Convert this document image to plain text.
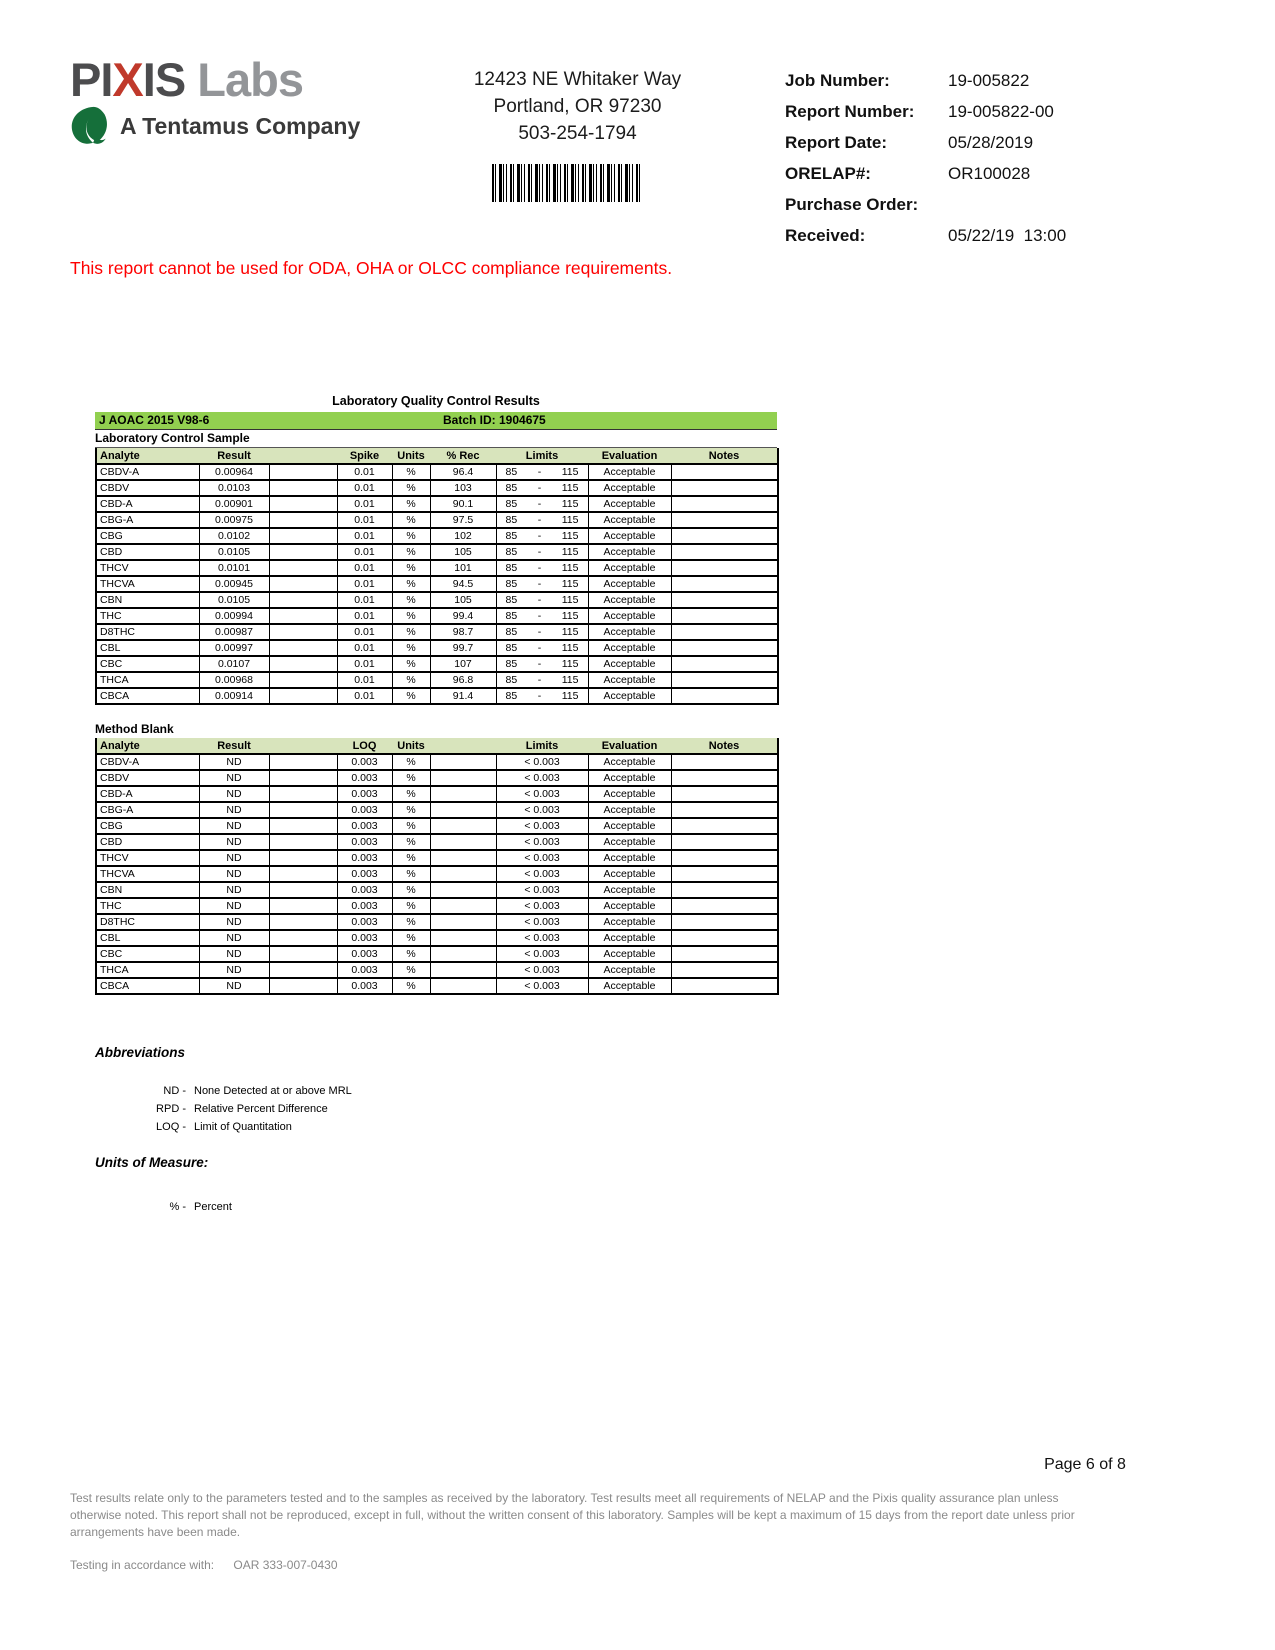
PIXIS Labs
A Tentamus Company
12423 NE Whitaker Way
Portland, OR 97230
503-254-1794
Job Number:	19-005822
Report Number:	19-005822-00
Report Date:	05/28/2019
ORELAP#:	OR100028
Purchase Order:
Received:	05/22/19  13:00
This report cannot be used for ODA, OHA or OLCC compliance requirements.
Laboratory Quality Control Results
J AOAC 2015 V98-6	Batch ID: 1904675
Laboratory Control Sample
Analyte	Result		Spike	Units	% Rec	Limits	Evaluation	Notes
CBDV-A	0.00964		0.01	%	96.4	85 - 115	Acceptable	
CBDV	0.0103		0.01	%	103	85 - 115	Acceptable	
CBD-A	0.00901		0.01	%	90.1	85 - 115	Acceptable	
CBG-A	0.00975		0.01	%	97.5	85 - 115	Acceptable	
CBG	0.0102		0.01	%	102	85 - 115	Acceptable	
CBD	0.0105		0.01	%	105	85 - 115	Acceptable	
THCV	0.0101		0.01	%	101	85 - 115	Acceptable	
THCVA	0.00945		0.01	%	94.5	85 - 115	Acceptable	
CBN	0.0105		0.01	%	105	85 - 115	Acceptable	
THC	0.00994		0.01	%	99.4	85 - 115	Acceptable	
D8THC	0.00987		0.01	%	98.7	85 - 115	Acceptable	
CBL	0.00997		0.01	%	99.7	85 - 115	Acceptable	
CBC	0.0107		0.01	%	107	85 - 115	Acceptable	
THCA	0.00968		0.01	%	96.8	85 - 115	Acceptable	
CBCA	0.00914		0.01	%	91.4	85 - 115	Acceptable	
Method Blank
Analyte	Result		LOQ	Units		Limits	Evaluation	Notes
CBDV-A	ND		0.003	%		< 0.003	Acceptable	
CBDV	ND		0.003	%		< 0.003	Acceptable	
CBD-A	ND		0.003	%		< 0.003	Acceptable	
CBG-A	ND		0.003	%		< 0.003	Acceptable	
CBG	ND		0.003	%		< 0.003	Acceptable	
CBD	ND		0.003	%		< 0.003	Acceptable	
THCV	ND		0.003	%		< 0.003	Acceptable	
THCVA	ND		0.003	%		< 0.003	Acceptable	
CBN	ND		0.003	%		< 0.003	Acceptable	
THC	ND		0.003	%		< 0.003	Acceptable	
D8THC	ND		0.003	%		< 0.003	Acceptable	
CBL	ND		0.003	%		< 0.003	Acceptable	
CBC	ND		0.003	%		< 0.003	Acceptable	
THCA	ND		0.003	%		< 0.003	Acceptable	
CBCA	ND		0.003	%		< 0.003	Acceptable	
Abbreviations
ND - None Detected at or above MRL
RPD - Relative Percent Difference
LOQ - Limit of Quantitation
Units of Measure:
% - Percent
Page 6 of 8
Test results relate only to the parameters tested and to the samples as received by the laboratory. Test results meet all requirements of NELAP and the Pixis quality assurance plan unless otherwise noted. This report shall not be reproduced, except in full, without the written consent of this laboratory. Samples will be kept a maximum of 15 days from the report date unless prior arrangements have been made.
Testing in accordance with: OAR 333-007-0430
